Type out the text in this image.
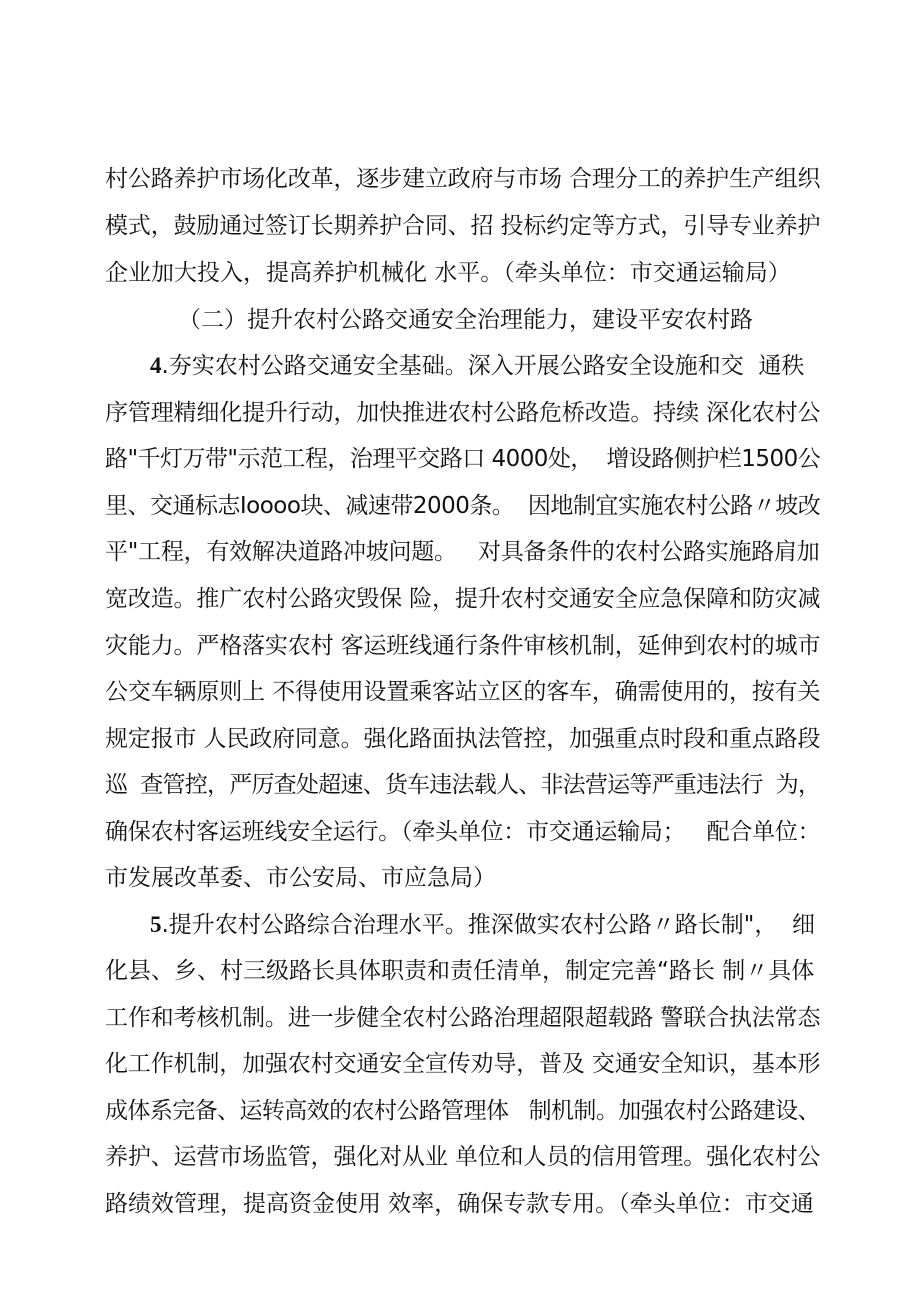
村公路养护市场化改革，逐步建立政府与市场 合理分工的养护生产组织
模式，鼓励通过签订长期养护合同、招 投标约定等方式，引导专业养护
企业加大投入，提高养护机械化 水平。（牵头单位：市交通运输局）
（二）提升农村公路交通安全治理能力，建设平安农村路
4.夯实农村公路交通安全基础。深入开展公路安全设施和交  通秩
序管理精细化提升行动，加快推进农村公路危桥改造。持续 深化农村公
路"千灯万带"示范工程，治理平交路口 4000处，  增设路侧护栏1500公
里、交通标志Ioooo块、减速带2000条。  因地制宜实施农村公路〃坡改
平"工程，有效解决道路冲坡问题。   对具备条件的农村公路实施路肩加
宽改造。推广农村公路灾毁保 险，提升农村交通安全应急保障和防灾减
灾能力。严格落实农村 客运班线通行条件审核机制，延伸到农村的城市
公交车辆原则上 不得使用设置乘客站立区的客车，确需使用的，按有关
规定报市 人民政府同意。强化路面执法管控，加强重点时段和重点路段
巡  查管控，严厉查处超速、货车违法载人、非法营运等严重违法行  为，
确保农村客运班线安全运行。（牵头单位：市交通运输局；   配合单位：
市发展改革委、市公安局、市应急局）
5.提升农村公路综合治理水平。推深做实农村公路〃路长制"，  细
化县、乡、村三级路长具体职责和责任清单，制定完善“路长 制〃具体
工作和考核机制。进一步健全农村公路治理超限超载路 警联合执法常态
化工作机制，加强农村交通安全宣传劝导，普及 交通安全知识，基本形
成体系完备、运转高效的农村公路管理体   制机制。加强农村公路建设、
养护、运营市场监管，强化对从业 单位和人员的信用管理。强化农村公
路绩效管理，提高资金使用 效率，确保专款专用。（牵头单位：市交通
